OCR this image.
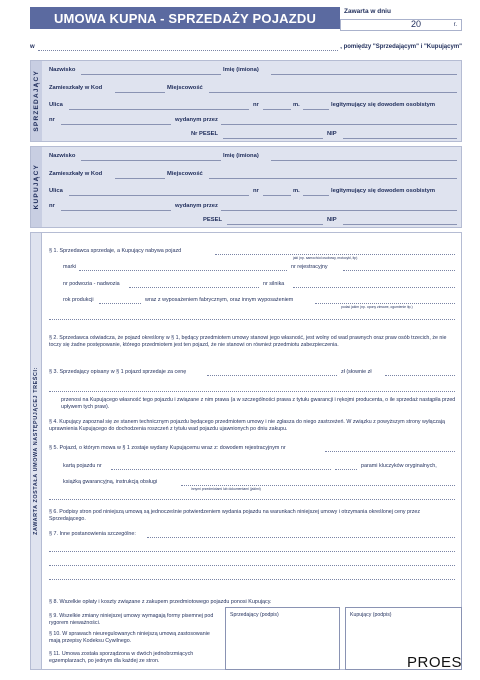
UMOWA KUPNA - SPRZEDAŻY POJAZDU	Zawarta w dniu
20	r.
w	, pomiędzy "Sprzedającym" i "Kupującym"
SPRZEDAJĄCY
Nazwisko	Imię (imiona)
Zamieszkały w Kod	Miejscowość
Ulica	nr	m.	legitymujący się dowodem osobistym
nr	wydanym przez
Nr PESEL	NIP
KUPUJĄCY
Nazwisko	Imię (imiona)
Zamieszkały w Kod	Miejscowość
Ulica	nr	m.	legitymujący się dowodem osobistym
nr	wydanym przez
PESEL	NIP
ZAWARTA ZOSTAŁA UMOWA NASTĘPUJĄCEJ TREŚCI:
§ 1. Sprzedawca sprzedaje, a Kupujący nabywa pojazd
jaki (np. samochód osobowy, motocykl, itp)
marki	nr rejestracyjny
nr podwozia - nadwozia	nr silnika
rok produkcji	wraz z wyposażeniem fabrycznym, oraz innym wyposażeniem
podać jakim (np. opony zimowe, ogumienie itp.)
§ 2. Sprzedawca oświadcza, że pojazd określony w § 1, będący przedmiotem umowy stanowi jego własność, jest wolny od wad prawnych oraz praw osób trzecich, że nie toczy się żadne postępowanie, którego przedmiotem jest ten pojazd, że nie stanowi on również przedmiotu zabezpieczenia.
§ 3. Sprzedający opisany w § 1 pojazd sprzedaje za cenę	zł (słownie zł
przenosi na Kupującego własność tego pojazdu i związane z nim prawa (a w szczególności prawa z tytułu gwarancji i rękojmi producenta, o ile sprzedaż nastąpiła przed upływem tych praw).
§ 4. Kupujący zapoznał się ze stanem technicznym pojazdu będącego przedmiotem umowy i nie zgłasza do niego zastrzeżeń. W związku z powyższym strony wyłączają uprawnienia Kupującego do dochodzenia roszczeń z tytułu wad pojazdu ujawnionych po dniu zakupu.
§ 5. Pojazd, o którym mowa w § 1 zostaje wydany Kupującemu wraz z: dowodem rejestracyjnym nr
kartą pojazdu nr	parami kluczyków oryginalnych,
książką gwarancyjną, instrukcją obsługi
innymi przedmiotami lub dokumentami (jakimi)
§ 6. Podpisy stron pod niniejszą umową są jednocześnie potwierdzeniem wydania pojazdu na warunkach niniejszej umowy i otrzymania określonej ceny przez Sprzedającego.
§ 7. Inne postanowienia szczególne:
§ 8. Wszelkie opłaty i koszty związane z zakupem przedmiotowego pojazdu ponosi Kupujący.
§ 9. Wszelkie zmiany niniejszej umowy wymagają formy pisemnej pod rygorem nieważności.
§ 10. W sprawach nieuregulowanych niniejszą umową zastosowanie mają przepisy Kodeksu Cywilnego.
§ 11. Umowa została sporządzona w dwóch jednobrzmiących egzemplarzach, po jednym dla każdej ze stron.
Sprzedający (podpis)	Kupujący (podpis)
PROES
